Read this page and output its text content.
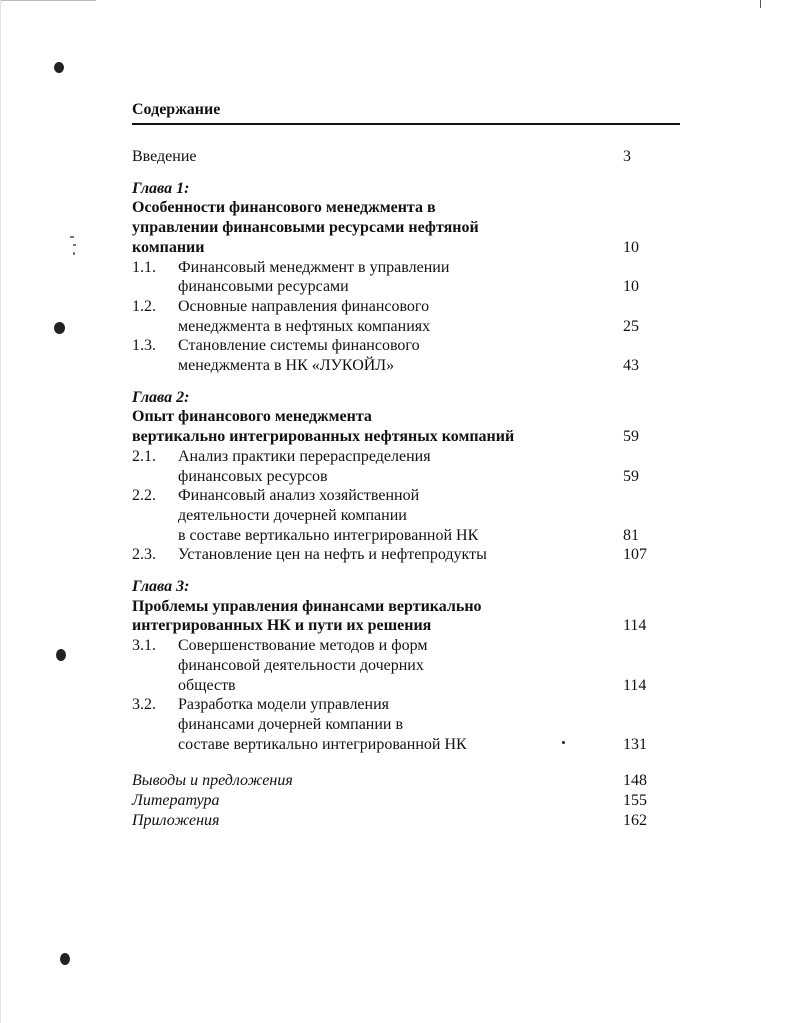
Содержание
Введение	3
Глава 1:
Особенности финансового менеджмента в
управлении финансовыми ресурсами нефтяной
компании	10
1.1.	Финансовый менеджмент в управлении
финансовыми ресурсами	10
1.2.	Основные направления финансового
менеджмента в нефтяных компаниях	25
1.3.	Становление системы финансового
менеджмента в НК «ЛУКОЙЛ»	43
Глава 2:
Опыт финансового менеджмента
вертикально интегрированных нефтяных компаний	59
2.1.	Анализ практики перераспределения
финансовых ресурсов	59
2.2.	Финансовый анализ хозяйственной
деятельности дочерней компании
в составе вертикально интегрированной НК	81
2.3.	Установление цен на нефть и нефтепродукты	107
Глава 3:
Проблемы управления финансами вертикально
интегрированных НК и пути их решения	114
3.1.	Совершенствование методов и форм
финансовой деятельности дочерних
обществ	114
3.2.	Разработка модели управления
финансами дочерней компании в
составе вертикально интегрированной НК	131
Выводы и предложения	148
Литература	155
Приложения	162
